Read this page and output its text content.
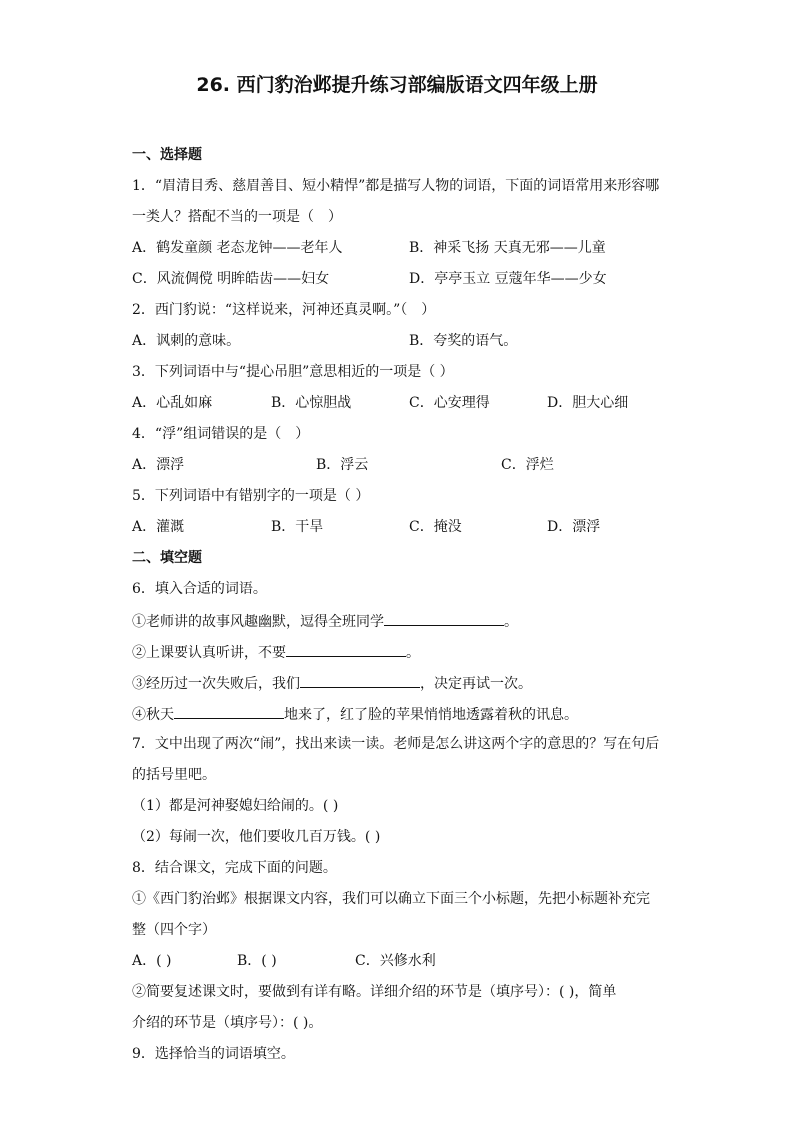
26. 西门豹治邺提升练习部编版语文四年级上册
一、选择题
1．“眉清目秀、慈眉善目、短小精悍”都是描写人物的词语，下面的词语常用来形容哪
一类人？搭配不当的一项是（　）
A．鹤发童颜 老态龙钟——老年人	B．神采飞扬 天真无邪——儿童
C．风流倜傥 明眸皓齿——妇女	D．亭亭玉立 豆蔻年华——少女
2．西门豹说：“这样说来，河神还真灵啊。”（　）
A．讽刺的意味。	B．夸奖的语气。
3．下列词语中与“提心吊胆”意思相近的一项是（ ）
A．心乱如麻	B．心惊胆战	C．心安理得	D．胆大心细
4．“浮”组词错误的是（　）
A．漂浮	B．浮云	C．浮烂
5．下列词语中有错别字的一项是（ ）
A．灌溉	B．干旱	C．掩没	D．漂浮
二、填空题
6．填入合适的词语。
①老师讲的故事风趣幽默，逗得全班同学	。
②上课要认真听讲，不要	。
③经历过一次失败后，我们	，决定再试一次。
④秋天	地来了，红了脸的苹果悄悄地透露着秋的讯息。
7．文中出现了两次“闹”，找出来读一读。老师是怎么讲这两个字的意思的？写在句后
的括号里吧。
（1）都是河神娶媳妇给闹的。( )
（2）每闹一次，他们要收几百万钱。( )
8．结合课文，完成下面的问题。
①《西门豹治邺》根据课文内容，我们可以确立下面三个小标题，先把小标题补充完
整（四个字）
A．( )	B．( )	C．兴修水利
②简要复述课文时，要做到有详有略。详细介绍的环节是（填序号）：( )，简单
介绍的环节是（填序号）：( )。
9．选择恰当的词语填空。
